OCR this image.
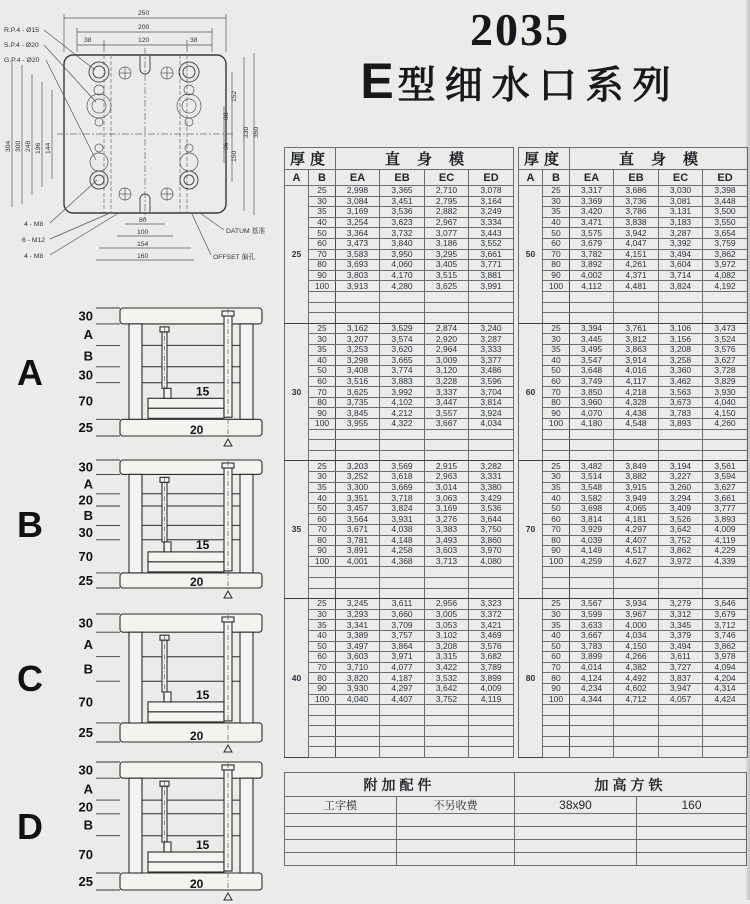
2035
E型细水口系列
250
200
38	120	38
304 300 248 196 144
152
98
96
150
330 350
80
100
154
160
R.P.4 - Ø15
S.P.4 - Ø20
G.P.4 - Ø20
4 - M8
6 - M12
4 - M8
DATUM 基准
OFFSET 偏孔
A
30
A
B
30
70
25
15
20
B
30
A
20
B
30
70
25
15
20
C
30
A
B
70
25
15
20
D
30
A
20
B
70
25
15
20
厚度		直身模			
A	B	EA	EB	EC	ED
25	25	2,998	3,365	2,710	3,078
	30	3,084	3,451	2,795	3,164
	35	3,169	3,536	2,882	3,249
	40	3,254	3,623	2,967	3,334
	50	3,364	3,732	3,077	3,443
	60	3,473	3,840	3,186	3,552
	70	3,583	3,950	3,295	3,661
	80	3,693	4,060	3,405	3,771
	90	3,803	4,170	3,515	3,881
	100	3,913	4,280	3,625	3,991

30	25	3,162	3,529	2,874	3,240
	30	3,207	3,574	2,920	3,287
	35	3,253	3,620	2,964	3,333
	40	3,298	3,665	3,009	3,377
	50	3,408	3,774	3,120	3,486
	60	3,516	3,883	3,228	3,596
	70	3,625	3,992	3,337	3,704
	80	3,735	4,102	3,447	3,814
	90	3,845	4,212	3,557	3,924
	100	3,955	4,322	3,667	4,034

35	25	3,203	3,569	2,915	3,282
	30	3,252	3,618	2,963	3,331
	35	3,300	3,669	3,014	3,380
	40	3,351	3,718	3,063	3,429
	50	3,457	3,824	3,169	3,536
	60	3,564	3,931	3,276	3,644
	70	3,671	4,038	3,383	3,750
	80	3,781	4,148	3,493	3,860
	90	3,891	4,258	3,603	3,970
	100	4,001	4,368	3,713	4,080

40	25	3,245	3,611	2,956	3,323
	30	3,293	3,660	3,005	3,372
	35	3,341	3,709	3,053	3,421
	40	3,389	3,757	3,102	3,469
	50	3,497	3,864	3,208	3,576
	60	3,603	3,971	3,315	3,682
	70	3,710	4,077	3,422	3,789
	80	3,820	4,187	3,532	3,899
	90	3,930	4,297	3,642	4,009
	100	4,040	4,407	3,752	4,119

厚度		直身模			
A	B	EA	EB	EC	ED
50	25	3,317	3,686	3,030	3,398
	30	3,369	3,736	3,081	3,448
	35	3,420	3,786	3,131	3,500
	40	3,471	3,838	3,183	3,550
	50	3,575	3,942	3,287	3,654
	60	3,679	4,047	3,392	3,759
	70	3,782	4,151	3,494	3,862
	80	3,892	4,261	3,604	3,972
	90	4,002	4,371	3,714	4,082
	100	4,112	4,481	3,824	4,192

60	25	3,394	3,761	3,106	3,473
	30	3,445	3,812	3,156	3,524
	35	3,495	3,863	3,208	3,576
	40	3,547	3,914	3,258	3,627
	50	3,648	4,016	3,360	3,728
	60	3,749	4,117	3,462	3,829
	70	3,850	4,218	3,563	3,930
	80	3,960	4,328	3,673	4,040
	90	4,070	4,438	3,783	4,150
	100	4,180	4,548	3,893	4,260

70	25	3,482	3,849	3,194	3,561
	30	3,514	3,882	3,227	3,594
	35	3,548	3,915	3,260	3,627
	40	3,582	3,949	3,294	3,661
	50	3,698	4,065	3,409	3,777
	60	3,814	4,181	3,526	3,893
	70	3,929	4,297	3,642	4,009
	80	4,039	4,407	3,752	4,119
	90	4,149	4,517	3,862	4,229
	100	4,259	4,627	3,972	4,339

80	25	3,567	3,934	3,279	3,646
	30	3,599	3,967	3,312	3,679
	35	3,633	4,000	3,345	3,712
	40	3,667	4,034	3,379	3,746
	50	3,783	4,150	3,494	3,862
	60	3,899	4,266	3,611	3,978
	70	4,014	4,382	3,727	4,094
	80	4,124	4,492	3,837	4,204
	90	4,234	4,602	3,947	4,314
	100	4,344	4,712	4,057	4,424

附加配件		加高方铁	
工字模	不另收费	38x90	160
